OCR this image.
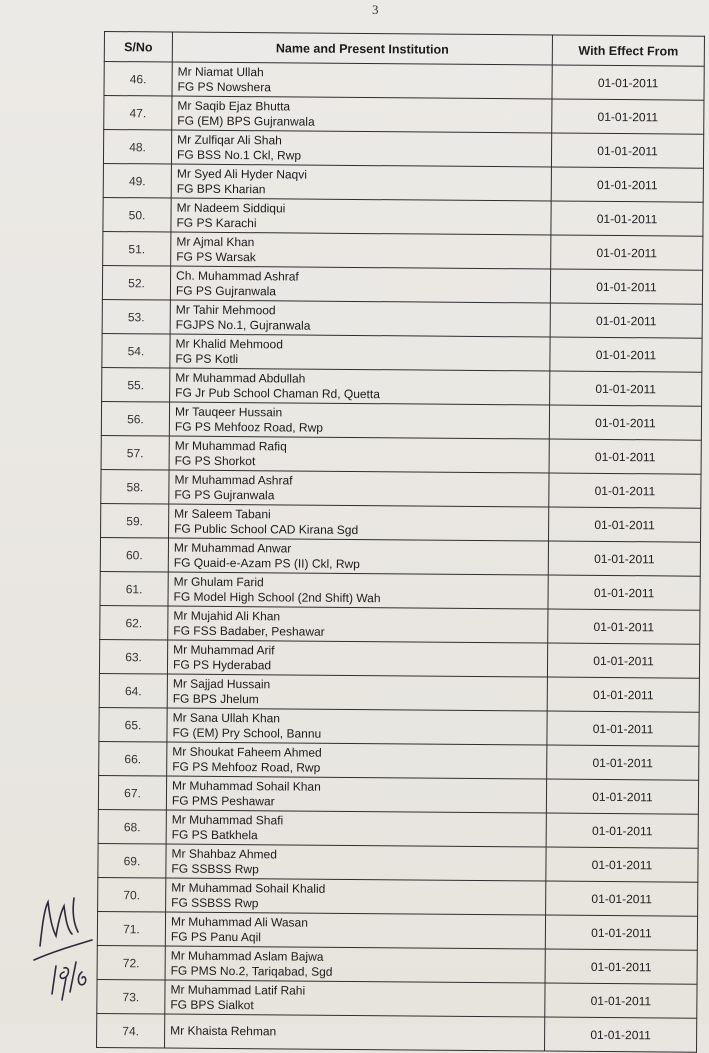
3
S/No	Name and Present Institution	With Effect From
46.	Mr Niamat Ullah
FG PS Nowshera	01-01-2011
47.	Mr Saqib Ejaz Bhutta
FG (EM) BPS Gujranwala	01-01-2011
48.	Mr Zulfiqar Ali Shah
FG BSS No.1 Ckl, Rwp	01-01-2011
49.	Mr Syed Ali Hyder Naqvi
FG BPS Kharian	01-01-2011
50.	Mr Nadeem Siddiqui
FG PS Karachi	01-01-2011
51.	Mr Ajmal Khan
FG PS Warsak	01-01-2011
52.	Ch. Muhammad Ashraf
FG PS Gujranwala	01-01-2011
53.	Mr Tahir Mehmood
FGJPS No.1, Gujranwala	01-01-2011
54.	Mr Khalid Mehmood
FG PS Kotli	01-01-2011
55.	Mr Muhammad Abdullah
FG Jr Pub School Chaman Rd, Quetta	01-01-2011
56.	Mr Tauqeer Hussain
FG PS Mehfooz Road, Rwp	01-01-2011
57.	Mr Muhammad Rafiq
FG PS Shorkot	01-01-2011
58.	Mr Muhammad Ashraf
FG PS Gujranwala	01-01-2011
59.	Mr Saleem Tabani
FG Public School CAD Kirana Sgd	01-01-2011
60.	Mr Muhammad Anwar
FG Quaid-e-Azam PS (II) Ckl, Rwp	01-01-2011
61.	Mr Ghulam Farid
FG Model High School (2nd Shift) Wah	01-01-2011
62.	Mr Mujahid Ali Khan
FG FSS Badaber, Peshawar	01-01-2011
63.	Mr Muhammad Arif
FG PS Hyderabad	01-01-2011
64.	Mr Sajjad Hussain
FG BPS Jhelum	01-01-2011
65.	Mr Sana Ullah Khan
FG (EM) Pry School, Bannu	01-01-2011
66.	Mr Shoukat Faheem Ahmed
FG PS Mehfooz Road, Rwp	01-01-2011
67.	Mr Muhammad Sohail Khan
FG PMS Peshawar	01-01-2011
68.	Mr Muhammad Shafi
FG PS Batkhela	01-01-2011
69.	Mr Shahbaz Ahmed
FG SSBSS Rwp	01-01-2011
70.	Mr Muhammad Sohail Khalid
FG SSBSS Rwp	01-01-2011
71.	Mr Muhammad Ali Wasan
FG PS Panu Aqil	01-01-2011
72.	Mr Muhammad Aslam Bajwa
FG PMS No.2, Tariqabad, Sgd	01-01-2011
73.	Mr Muhammad Latif Rahi
FG BPS Sialkot	01-01-2011
74.	Mr Khaista Rehman	01-01-2011
